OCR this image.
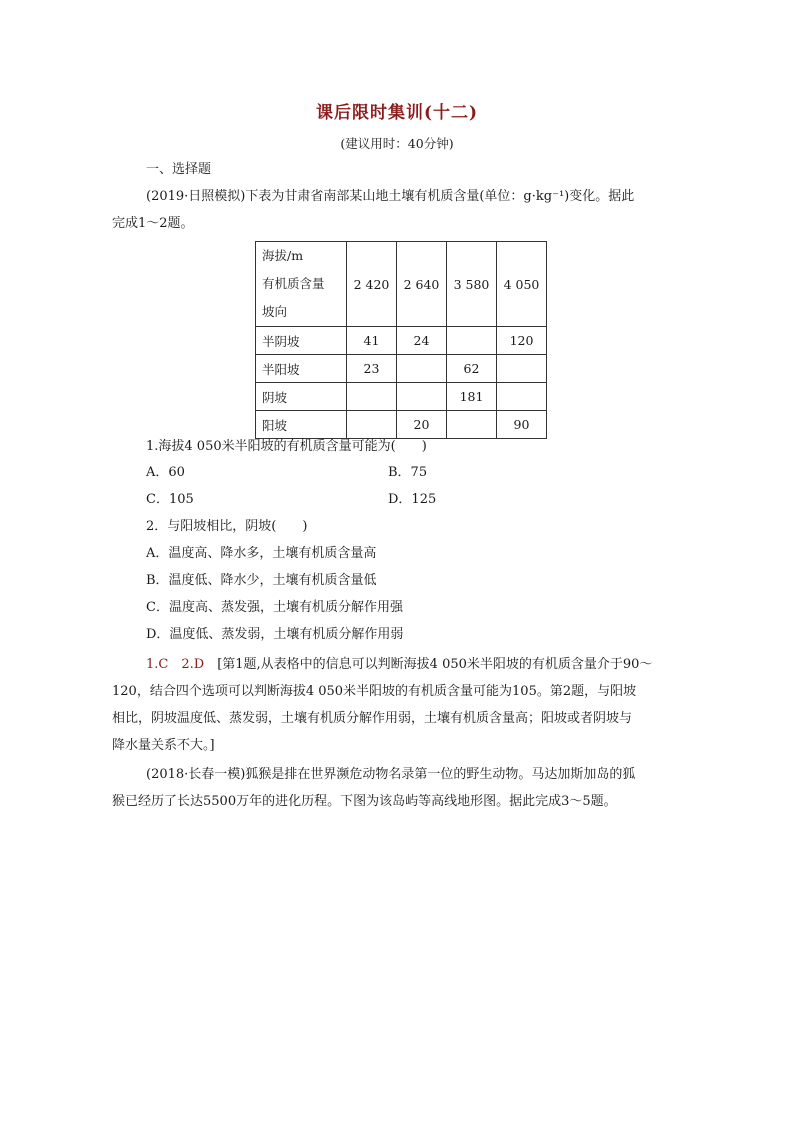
课后限时集训(十二)
(建议用时：40分钟)
一、选择题
(2019·日照模拟)下表为甘肃省南部某山地土壤有机质含量(单位：g·kg⁻¹)变化。据此
完成1～2题。
海拔/m
有机质含量
坡向	2 420	2 640	3 580	4 050
半阴坡	41	24		120
半阳坡	23		62	
阴坡			181	
阳坡		20		90
1.海拔4 050米半阳坡的有机质含量可能为(　　)
A．60	B．75
C．105	D．125
2．与阳坡相比，阴坡(　　)
A．温度高、降水多，土壤有机质含量高
B．温度低、降水少，土壤有机质含量低
C．温度高、蒸发强，土壤有机质分解作用强
D．温度低、蒸发弱，土壤有机质分解作用弱
1.C　2.D　[第1题,从表格中的信息可以判断海拔4 050米半阳坡的有机质含量介于90～
120，结合四个选项可以判断海拔4 050米半阳坡的有机质含量可能为105。第2题，与阳坡
相比，阴坡温度低、蒸发弱，土壤有机质分解作用弱，土壤有机质含量高；阳坡或者阴坡与
降水量关系不大。]
(2018·长春一模)狐猴是排在世界濒危动物名录第一位的野生动物。马达加斯加岛的狐
猴已经历了长达5500万年的进化历程。下图为该岛屿等高线地形图。据此完成3～5题。
